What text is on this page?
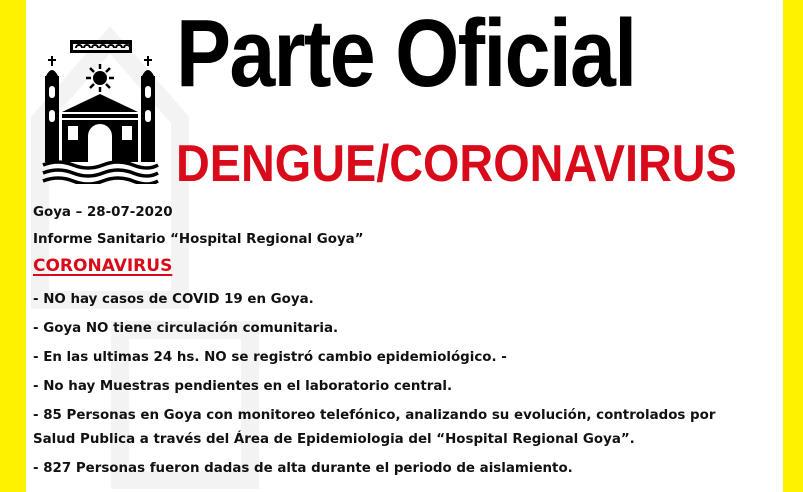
Parte Oficial
DENGUE/CORONAVIRUS

Goya – 28-07-2020

Informe Sanitario “Hospital Regional Goya”

CORONAVIRUS

- NO hay casos de COVID 19 en Goya.

- Goya NO tiene circulación comunitaria.

- En las ultimas 24 hs. NO se registró cambio epidemiológico. -

- No hay Muestras pendientes en el laboratorio central.

- 85 Personas en Goya con monitoreo telefónico, analizando su evolución, controlados por

Salud Publica a través del Área de Epidemiologia del “Hospital Regional Goya”.

- 827 Personas fueron dadas de alta durante el periodo de aislamiento.
